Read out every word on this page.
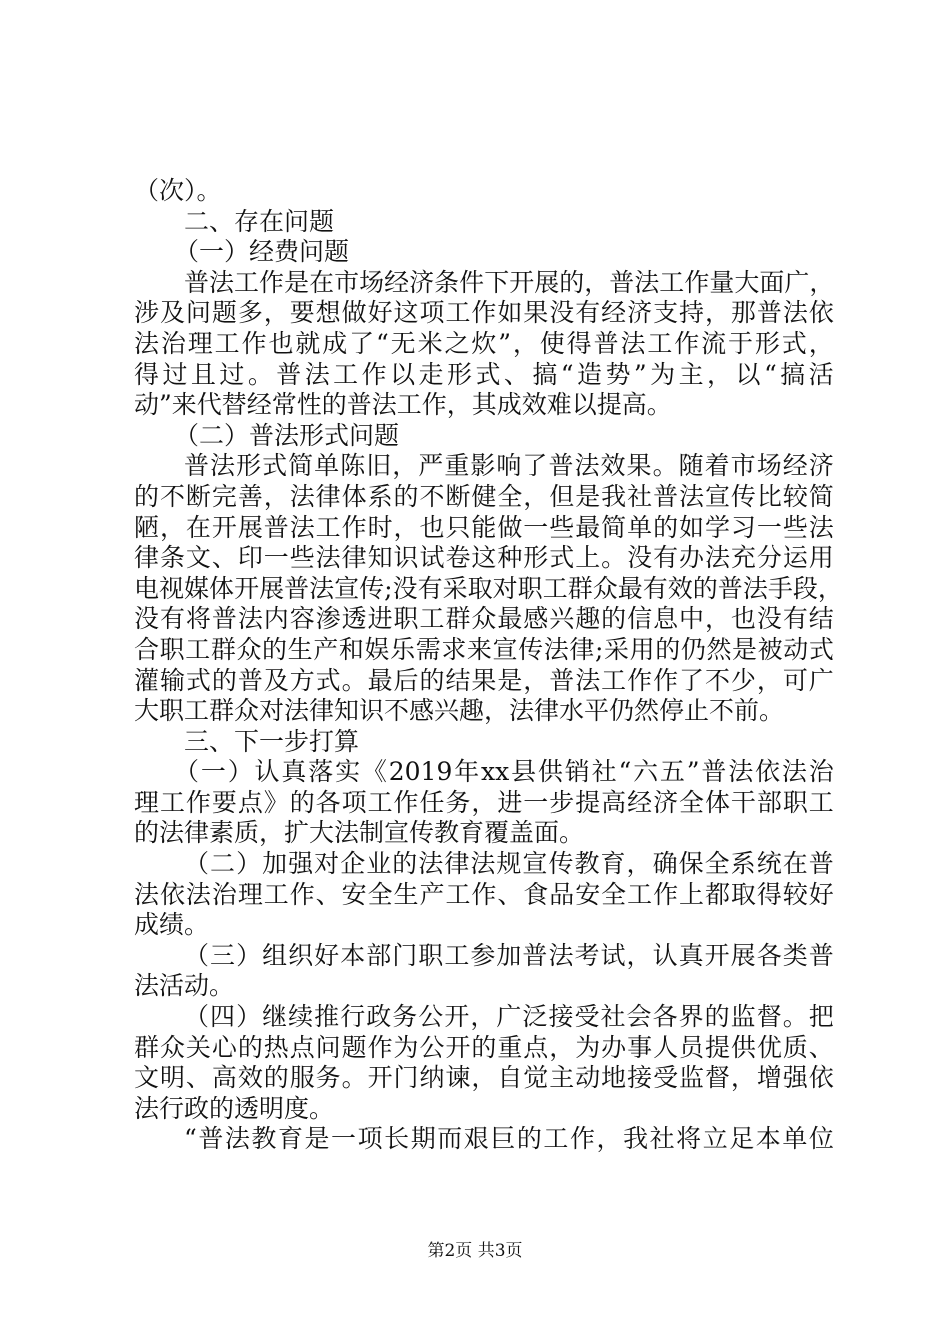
（次）。
二、存在问题
（一）经费问题
普 法 工 作 是 在 市 场 经 济 条 件 下 开 展 的 ， 普 法 工 作 量 大 面 广 ，
涉 及 问 题 多 ， 要 想 做 好 这 项 工 作 如 果 没 有 经 济 支 持 ， 那 普 法 依
法 治 理 工 作 也 就 成 了 “ 无 米 之 炊 ” ， 使 得 普 法 工 作 流 于 形 式 ，
得 过 且 过 。 普 法 工 作 以 走 形 式 、 搞 “ 造 势 ” 为 主 ， 以 “ 搞 活
动”来代替经常性的普法工作，其成效难以提高。
（二）普法形式问题
普 法 形 式 简 单 陈 旧 ， 严 重 影 响 了 普 法 效 果 。 随 着 市 场 经 济
的 不 断 完 善 ， 法 律 体 系 的 不 断 健 全 ， 但 是 我 社 普 法 宣 传 比 较 简
陋 ， 在 开 展 普 法 工 作 时 ， 也 只 能 做 一 些 最 简 单 的 如 学 习 一 些 法
律 条 文 、 印 一 些 法 律 知 识 试 卷 这 种 形 式 上 。 没 有 办 法 充 分 运 用
电 视 媒 体 开 展 普 法 宣 传 ; 没 有 采 取 对 职 工 群 众 最 有 效 的 普 法 手 段 ，
没 有 将 普 法 内 容 渗 透 进 职 工 群 众 最 感 兴 趣 的 信 息 中 ， 也 没 有 结
合 职 工 群 众 的 生 产 和 娱 乐 需 求 来 宣 传 法 律 ; 采 用 的 仍 然 是 被 动 式
灌 输 式 的 普 及 方 式 。 最 后 的 结 果 是 ， 普 法 工 作 作 了 不 少 ， 可 广
大职工群众对法律知识不感兴趣，法律水平仍然停止不前。
三、下一步打算
（ 一 ） 认 真 落 实 《 2019 年 xx 县 供 销 社 “ 六 五 ” 普 法 依 法 治
理 工 作 要 点 》 的 各 项 工 作 任 务 ， 进 一 步 提 高 经 济 全 体 干 部 职 工
的法律素质，扩大法制宣传教育覆盖面。
（ 二 ） 加 强 对 企 业 的 法 律 法 规 宣 传 教 育 ， 确 保 全 系 统 在 普
法 依 法 治 理 工 作 、 安 全 生 产 工 作 、 食 品 安 全 工 作 上 都 取 得 较 好
成绩。
（ 三 ） 组 织 好 本 部 门 职 工 参 加 普 法 考 试 ， 认 真 开 展 各 类 普
法活动。
（ 四 ） 继 续 推 行 政 务 公 开 ， 广 泛 接 受 社 会 各 界 的 监 督 。 把
群 众 关 心 的 热 点 问 题 作 为 公 开 的 重 点 ， 为 办 事 人 员 提 供 优 质 、
文 明 、 高 效 的 服 务 。 开 门 纳 谏 ， 自 觉 主 动 地 接 受 监 督 ， 增 强 依
法行政的透明度。
“ 普 法 教 育 是 一 项 长 期 而 艰 巨 的 工 作 ， 我 社 将 立 足 本 单 位
第2页 共3页
